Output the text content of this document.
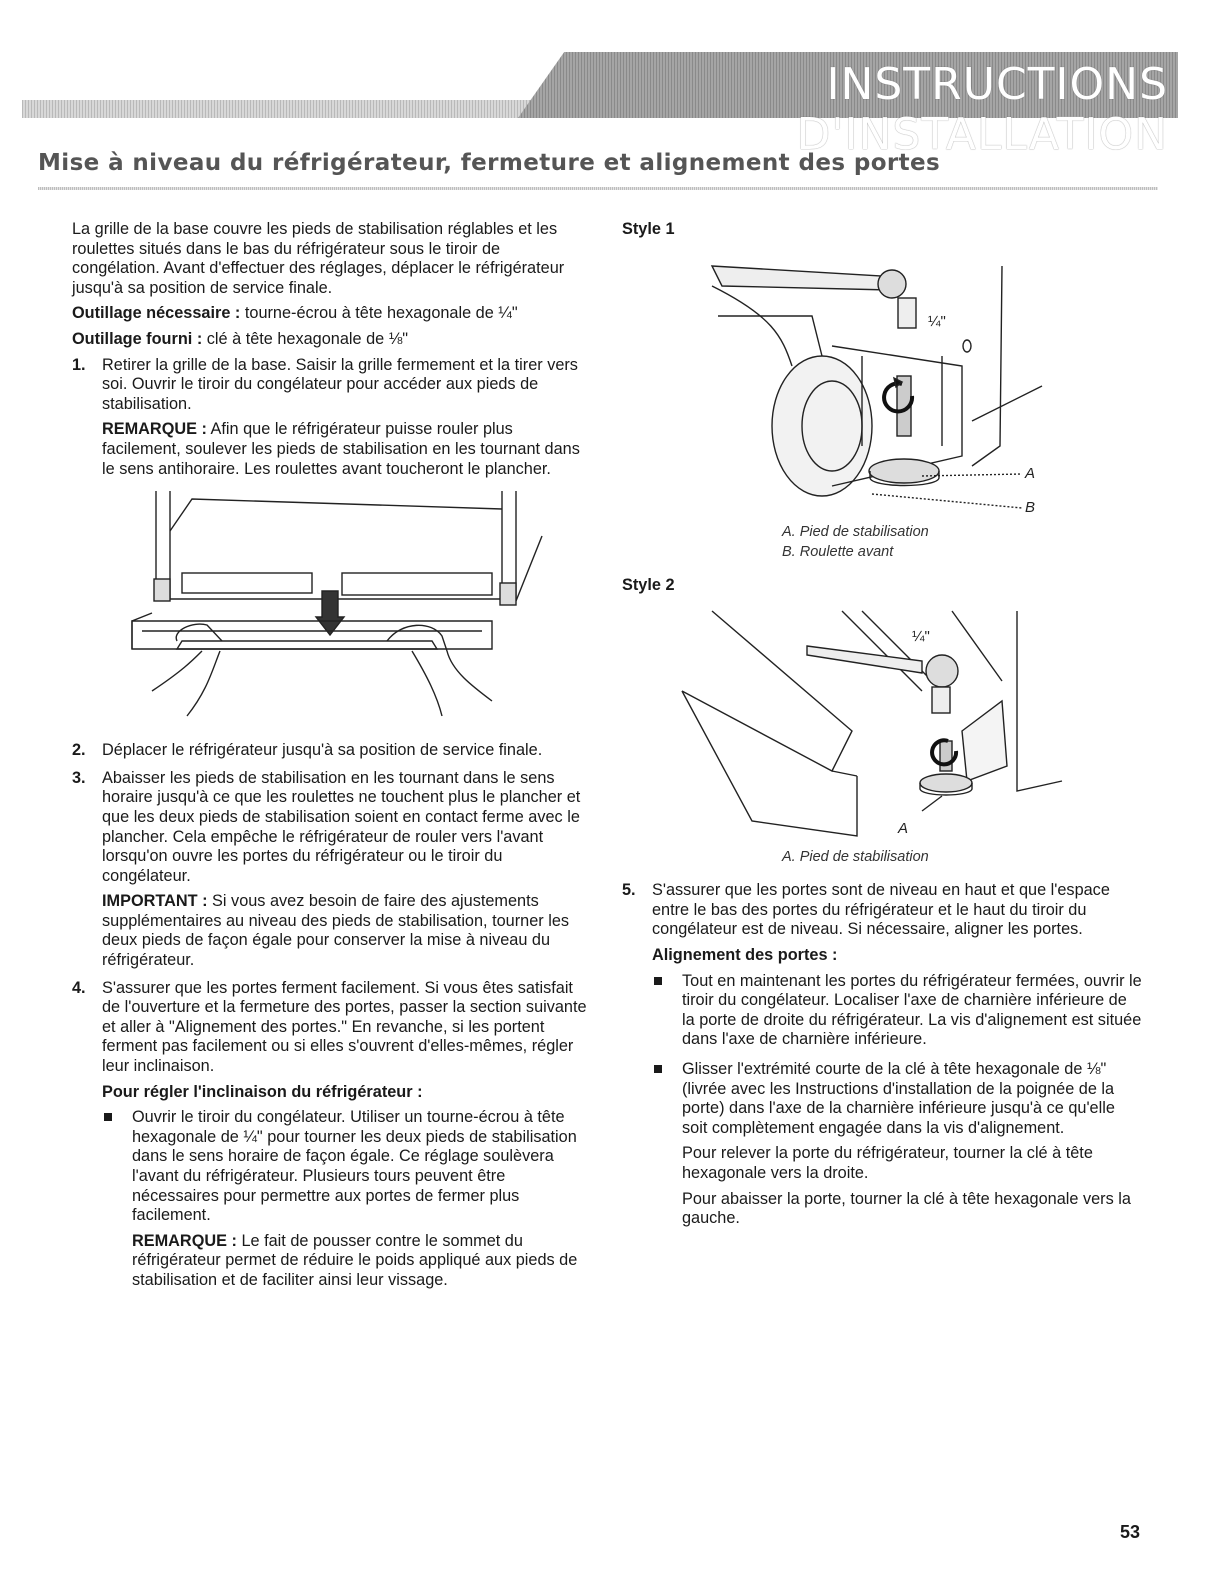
INSTRUCTIONS D'INSTALLATION
Mise à niveau du réfrigérateur, fermeture et alignement des portes

La grille de la base couvre les pieds de stabilisation réglables et les roulettes situés dans le bas du réfrigérateur sous le tiroir de congélation. Avant d'effectuer des réglages, déplacer le réfrigérateur jusqu'à sa position de service finale.

Outillage nécessaire : tourne-écrou à tête hexagonale de ¼"

Outillage fourni : clé à tête hexagonale de ⅛"

1. Retirer la grille de la base. Saisir la grille fermement et la tirer vers soi. Ouvrir le tiroir du congélateur pour accéder aux pieds de stabilisation.

REMARQUE : Afin que le réfrigérateur puisse rouler plus facilement, soulever les pieds de stabilisation en les tournant dans le sens antihoraire. Les roulettes avant toucheront le plancher.

2. Déplacer le réfrigérateur jusqu'à sa position de service finale.

3. Abaisser les pieds de stabilisation en les tournant dans le sens horaire jusqu'à ce que les roulettes ne touchent plus le plancher et que les deux pieds de stabilisation soient en contact ferme avec le plancher. Cela empêche le réfrigérateur de rouler vers l'avant lorsqu'on ouvre les portes du réfrigérateur ou le tiroir du congélateur.

IMPORTANT : Si vous avez besoin de faire des ajustements supplémentaires au niveau des pieds de stabilisation, tourner les deux pieds de façon égale pour conserver la mise à niveau du réfrigérateur.

4. S'assurer que les portes ferment facilement. Si vous êtes satisfait de l'ouverture et la fermeture des portes, passer la section suivante et aller à "Alignement des portes." En revanche, si les portent ferment pas facilement ou si elles s'ouvrent d'elles-mêmes, régler leur inclinaison.

Pour régler l'inclinaison du réfrigérateur :

Ouvrir le tiroir du congélateur. Utiliser un tourne-écrou à tête hexagonale de ¼" pour tourner les deux pieds de stabilisation dans le sens horaire de façon égale. Ce réglage soulèvera l'avant du réfrigérateur. Plusieurs tours peuvent être nécessaires pour permettre aux portes de fermer plus facilement.

REMARQUE : Le fait de pousser contre le sommet du réfrigérateur permet de réduire le poids appliqué aux pieds de stabilisation et de faciliter ainsi leur vissage.

Style 1

¼"
A
B
A. Pied de stabilisation
B. Roulette avant

Style 2

¼"
A
A. Pied de stabilisation
5. S'assurer que les portes sont de niveau en haut et que l'espace entre le bas des portes du réfrigérateur et le haut du tiroir du congélateur est de niveau. Si nécessaire, aligner les portes.

Alignement des portes :

Tout en maintenant les portes du réfrigérateur fermées, ouvrir le tiroir du congélateur. Localiser l'axe de charnière inférieure de la porte de droite du réfrigérateur. La vis d'alignement est située dans l'axe de charnière inférieure.

Glisser l'extrémité courte de la clé à tête hexagonale de ⅛" (livrée avec les Instructions d'installation de la poignée de la porte) dans l'axe de la charnière inférieure jusqu'à ce qu'elle soit complètement engagée dans la vis d'alignement.

Pour relever la porte du réfrigérateur, tourner la clé à tête hexagonale vers la droite.

Pour abaisser la porte, tourner la clé à tête hexagonale vers la gauche.

53
